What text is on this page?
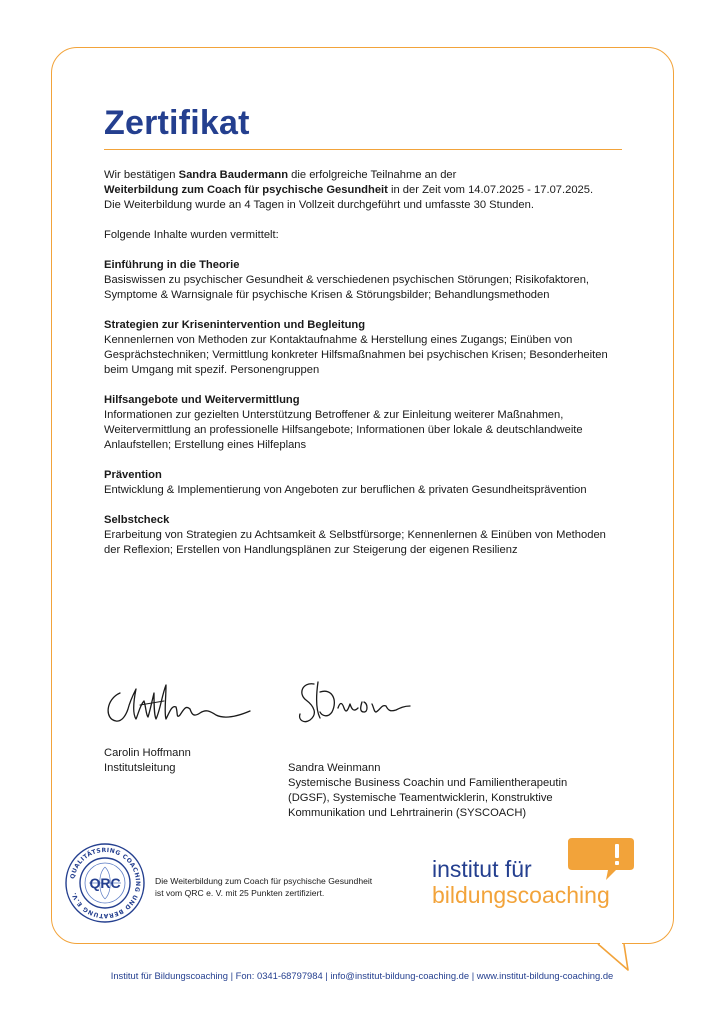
Zertifikat

Wir bestätigen Sandra Baudermann die erfolgreiche Teilnahme an der
Weiterbildung zum Coach für psychische Gesundheit in der Zeit vom 14.07.2025 - 17.07.2025.

Die Weiterbildung wurde an 4 Tagen in Vollzeit durchgeführt und umfasste 30 Stunden.

Folgende Inhalte wurden vermittelt:

Einführung in die Theorie

Basiswissen zu psychischer Gesundheit & verschiedenen psychischen Störungen; Risikofaktoren, Symptome & Warnsignale für psychische Krisen & Störungsbilder; Behandlungsmethoden

Strategien zur Krisenintervention und Begleitung

Kennenlernen von Methoden zur Kontaktaufnahme & Herstellung eines Zugangs; Einüben von Gesprächstechniken; Vermittlung konkreter Hilfsmaßnahmen bei psychischen Krisen; Besonderheiten beim Umgang mit spezif. Personengruppen

Hilfsangebote und Weitervermittlung

Informationen zur gezielten Unterstützung Betroffener & zur Einleitung weiterer Maßnahmen, Weitervermittlung an professionelle Hilfsangebote; Informationen über lokale & deutschlandweite Anlaufstellen; Erstellung eines Hilfeplans

Prävention

Entwicklung & Implementierung von Angeboten zur beruflichen & privaten Gesundheitsprävention

Selbstcheck

Erarbeitung von Strategien zu Achtsamkeit & Selbstfürsorge; Kennenlernen & Einüben von Methoden der Reflexion; Erstellen von Handlungsplänen zur Steigerung der eigenen Resilienz

Carolin Hoffmann
Institutsleitung	Sandra Weinmann
Systemische Business Coachin und Familientherapeutin
(DGSF), Systemische Teamentwicklerin, Konstruktive
Kommunikation und Lehrtrainerin (SYSCOACH)
QUALITÄTSRING COACHING UND BERATUNG E.V.
QRC	Die Weiterbildung zum Coach für psychische Gesundheit
ist vom QRC e. V. mit 25 Punkten zertifiziert.
institut für
bildungscoaching
Institut für Bildungscoaching | Fon: 0341-68797984 | info@institut-bildung-coaching.de | www.institut-bildung-coaching.de
